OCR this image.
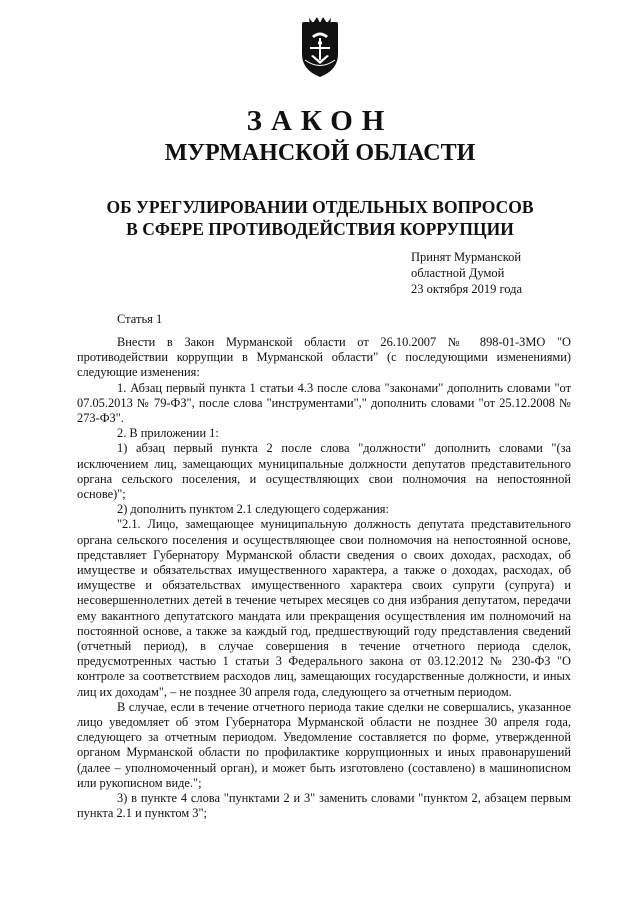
ЗАКОН
МУРМАНСКОЙ ОБЛАСТИ
ОБ УРЕГУЛИРОВАНИИ ОТДЕЛЬНЫХ ВОПРОСОВ
В СФЕРЕ ПРОТИВОДЕЙСТВИЯ КОРРУПЦИИ
Принят Мурманской
областной Думой
23 октября 2019 года
Статья 1

Внести в Закон Мурманской области от 26.10.2007 № 898-01-ЗМО "О противодействии коррупции в Мурманской области" (с последующими изменениями) следующие изменения:

1. Абзац первый пункта 1 статьи 4.3 после слова "законами" дополнить словами "от 07.05.2013 № 79-ФЗ", после слова "инструментами"," дополнить словами "от 25.12.2008 № 273-ФЗ".

2. В приложении 1:

1) абзац первый пункта 2 после слова "должности" дополнить словами "(за исключением лиц, замещающих муниципальные должности депутатов представительного органа сельского поселения, и осуществляющих свои полномочия на непостоянной основе)";

2) дополнить пунктом 2.1 следующего содержания:

"2.1. Лицо, замещающее муниципальную должность депутата представительного органа сельского поселения и осуществляющее свои полномочия на непостоянной основе, представляет Губернатору Мурманской области сведения о своих доходах, расходах, об имуществе и обязательствах имущественного характера, а также о доходах, расходах, об имуществе и обязательствах имущественного характера своих супруги (супруга) и несовершеннолетних детей в течение четырех месяцев со дня избрания депутатом, передачи ему вакантного депутатского мандата или прекращения осуществления им полномочий на постоянной основе, а также за каждый год, предшествующий году представления сведений (отчетный период), в случае совершения в течение отчетного периода сделок, предусмотренных частью 1 статьи 3 Федерального закона от 03.12.2012 № 230-ФЗ "О контроле за соответствием расходов лиц, замещающих государственные должности, и иных лиц их доходам", – не позднее 30 апреля года, следующего за отчетным периодом.

В случае, если в течение отчетного периода такие сделки не совершались, указанное лицо уведомляет об этом Губернатора Мурманской области не позднее 30 апреля года, следующего за отчетным периодом. Уведомление составляется по форме, утвержденной органом Мурманской области по профилактике коррупционных и иных правонарушений (далее – уполномоченный орган), и может быть изготовлено (составлено) в машинописном или рукописном виде.";

3) в пункте 4 слова "пунктами 2 и 3" заменить словами "пунктом 2, абзацем первым пункта 2.1 и пунктом 3";
